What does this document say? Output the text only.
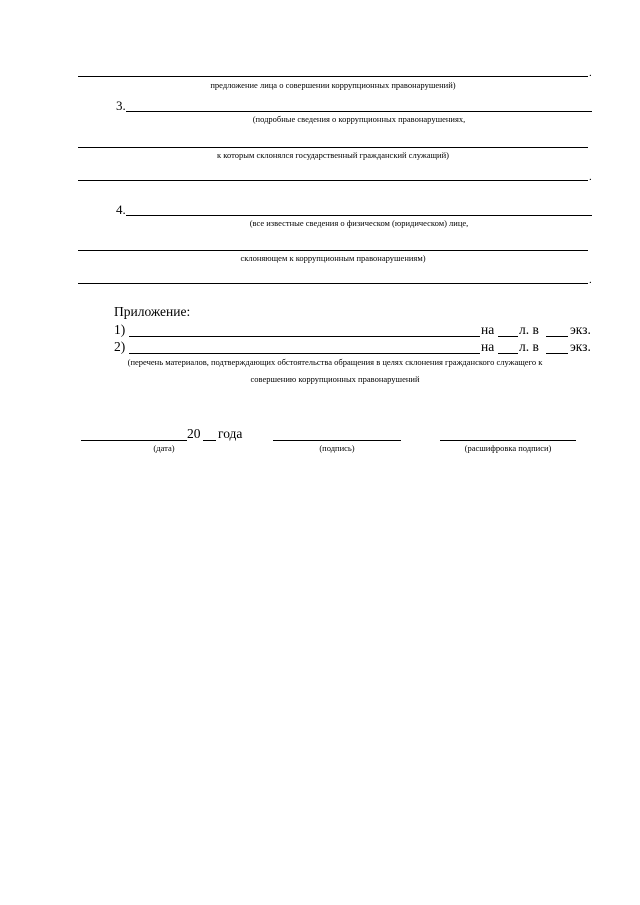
.
предложение лица о совершении коррупционных правонарушений)
3.
(подробные сведения о коррупционных правонарушениях,
к которым склонялся государственный гражданский служащий)
.
4.
(все известные сведения о физическом (юридическом) лице,
склоняющем к коррупционным правонарушениям)
.
Приложение:
1)	на л. в экз.
2)	на л. в экз.
(перечень материалов, подтверждающих обстоятельства обращения в целях склонения гражданского служащего к
совершению коррупционных правонарушений
20 года
(дата)	(подпись)	(расшифровка подписи)
